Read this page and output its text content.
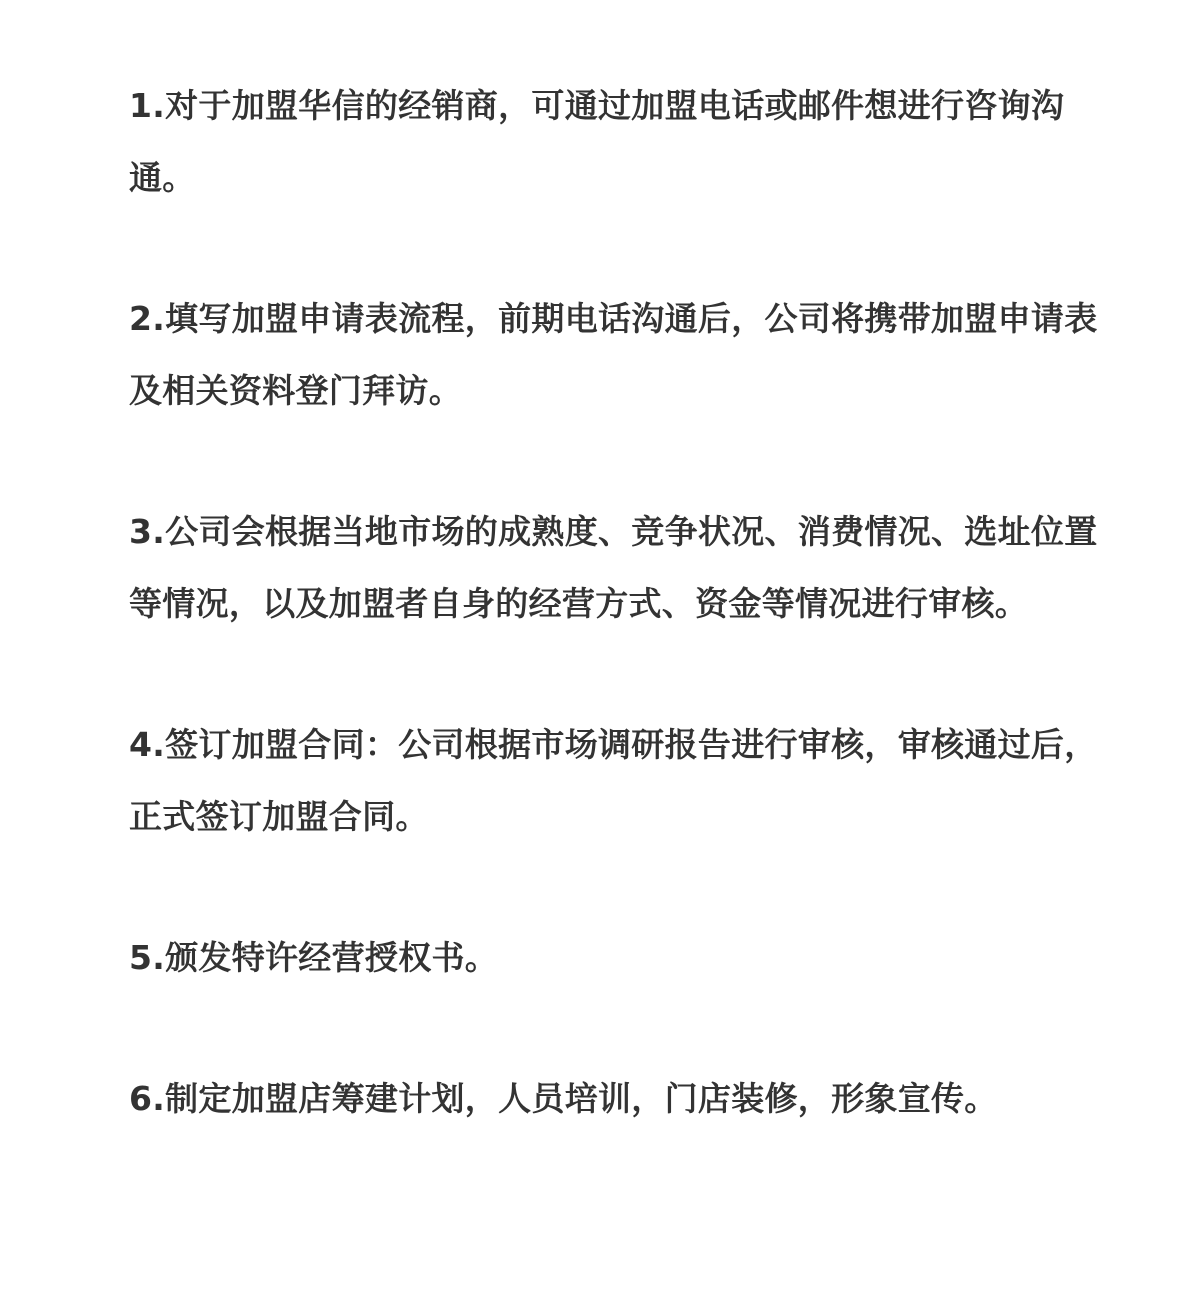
1.对于加盟华信的经销商，可通过加盟电话或邮件想进行咨询沟通。

2.填写加盟申请表流程，前期电话沟通后，公司将携带加盟申请表及相关资料登门拜访。

3.公司会根据当地市场的成熟度、竞争状况、消费情况、选址位置等情况，以及加盟者自身的经营方式、资金等情况进行审核。

4.签订加盟合同：公司根据市场调研报告进行审核，审核通过后，正式签订加盟合同。

5.颁发特许经营授权书。

6.制定加盟店筹建计划，人员培训，门店装修，形象宣传。
